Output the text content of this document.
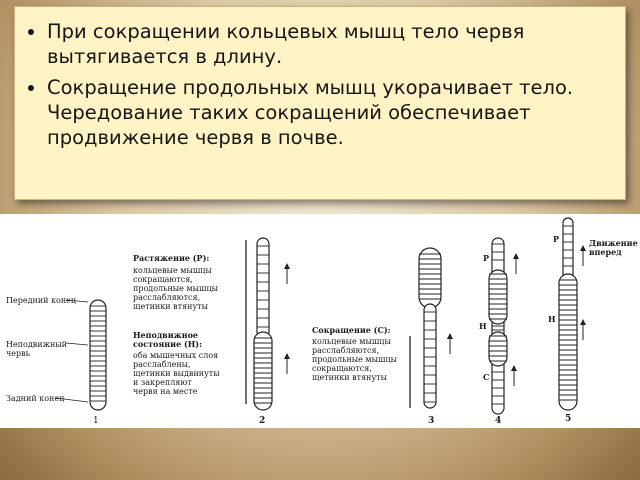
• При сокращении кольцевых мышц тело червя вытягивается в длину.
• Сокращение продольных мышц укорачивает тело. Чередование таких сокращений обеспечивает продвижение червя в почве.
Передний конец
Неподвижный
червь
Задний конец
1
Растяжение (Р):
кольцевые мышцы
сокращаются,
продольные мышцы
расслабляются,
щетинки втянуты
Неподвижное
состояние (Н):
оба мышечных слоя
расслаблены,
щетинки выдвинуты
и закрепляют
червя на месте
2
Сокращение (С):
кольцевые мышцы
расслабляются,
продольные мышцы
сокращаются,
щетинки втянуты
3
Р
Н
С
4
Р
Н
Движение
вперед
5
